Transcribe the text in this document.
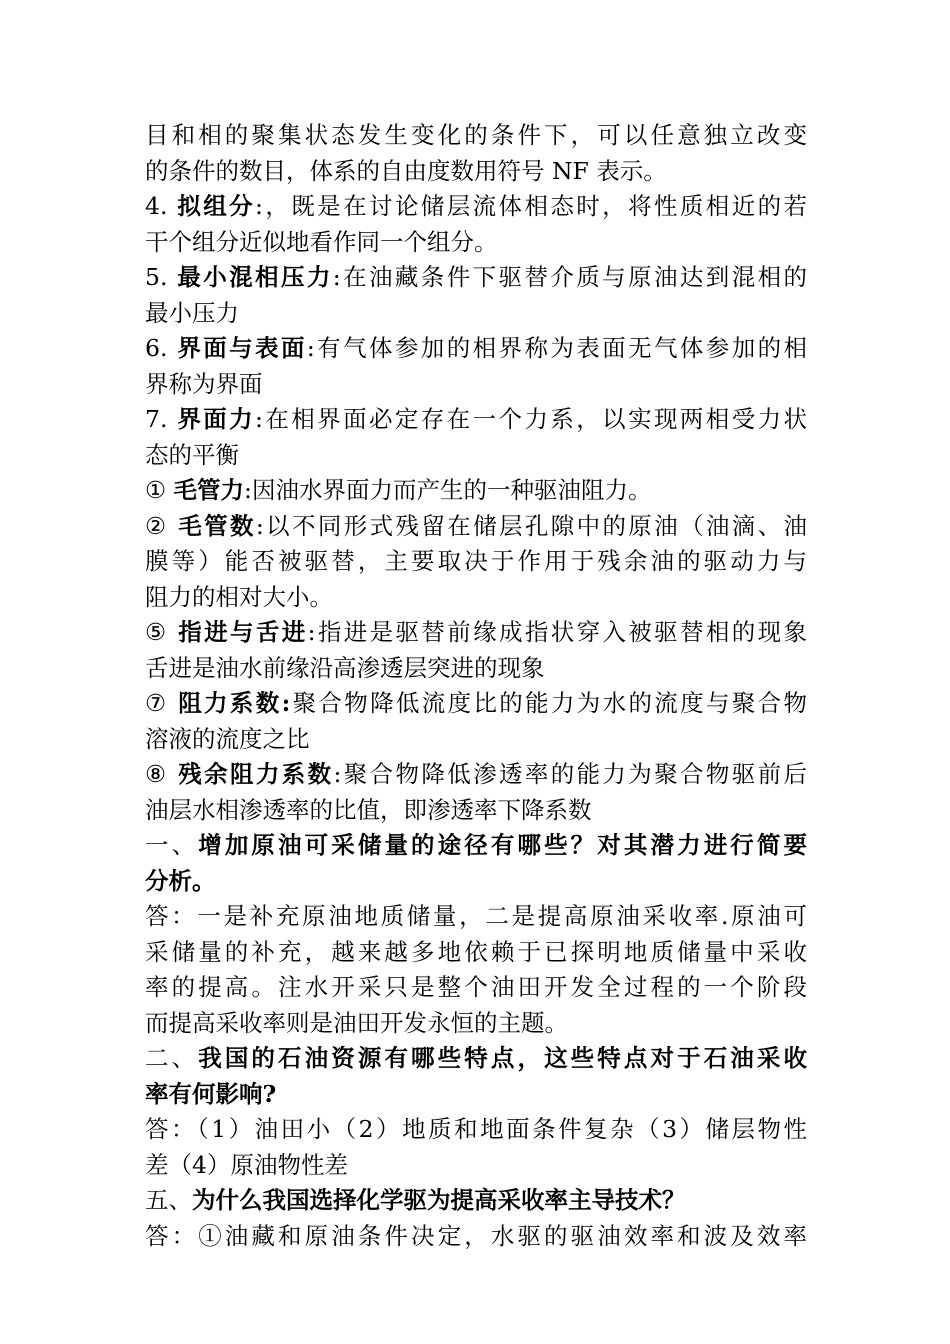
目和相的聚集状态发生变化的条件下，可以任意独立改变
的条件的数目，体系的自由度数用符号 NF 表示。
4. 拟组分:，既是在讨论储层流体相态时，将性质相近的若
干个组分近似地看作同一个组分。
5. 最小混相压力:在油藏条件下驱替介质与原油达到混相的
最小压力
6. 界面与表面:有气体参加的相界称为表面无气体参加的相
界称为界面
7. 界面力:在相界面必定存在一个力系，以实现两相受力状
态的平衡
① 毛管力:因油水界面力而产生的一种驱油阻力。
② 毛管数:以不同形式残留在储层孔隙中的原油（油滴、油
膜等）能否被驱替，主要取决于作用于残余油的驱动力与
阻力的相对大小。
⑤ 指进与舌进:指进是驱替前缘成指状穿入被驱替相的现象
舌进是油水前缘沿高渗透层突进的现象
⑦ 阻力系数:聚合物降低流度比的能力为水的流度与聚合物
溶液的流度之比
⑧ 残余阻力系数:聚合物降低渗透率的能力为聚合物驱前后
油层水相渗透率的比值，即渗透率下降系数
一、增加原油可采储量的途径有哪些？对其潜力进行简要
分析。
答：一是补充原油地质储量，二是提高原油采收率.原油可
采储量的补充，越来越多地依赖于已探明地质储量中采收
率的提高。注水开采只是整个油田开发全过程的一个阶段
而提高采收率则是油田开发永恒的主题。
二、我国的石油资源有哪些特点，这些特点对于石油采收
率有何影响?
答：（1）油田小（2）地质和地面条件复杂（3）储层物性
差（4）原油物性差
五、为什么我国选择化学驱为提高采收率主导技术？
答：①油藏和原油条件决定，水驱的驱油效率和波及效率
